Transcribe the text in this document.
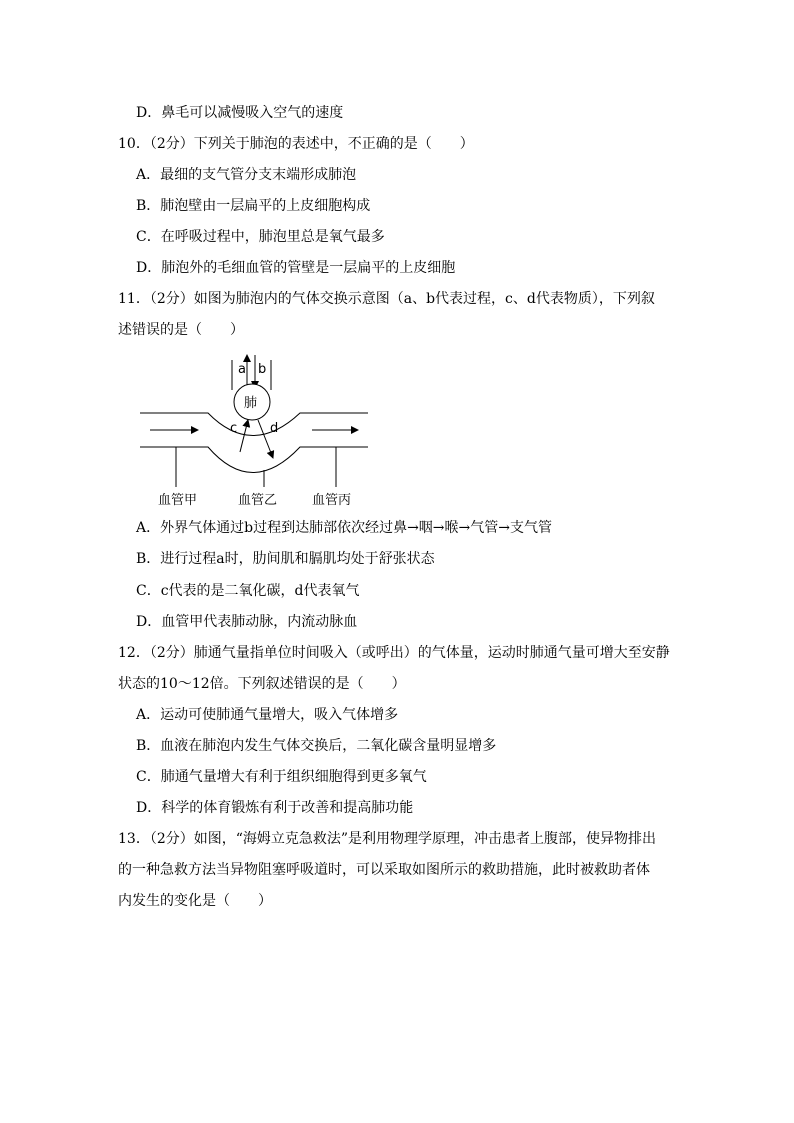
D．鼻毛可以减慢吸入空气的速度
10．（2分）下列关于肺泡的表述中，不正确的是（　　）
A．最细的支气管分支末端形成肺泡
B．肺泡壁由一层扁平的上皮细胞构成
C．在呼吸过程中，肺泡里总是氧气最多
D．肺泡外的毛细血管的管壁是一层扁平的上皮细胞
11．（2分）如图为肺泡内的气体交换示意图（a、b代表过程，c、d代表物质），下列叙
述错误的是（　　）
a b
肺
c	d
血管甲	血管乙	血管丙
A．外界气体通过b过程到达肺部依次经过鼻→咽→喉→气管→支气管
B．进行过程a时，肋间肌和膈肌均处于舒张状态
C．c代表的是二氧化碳，d代表氧气
D．血管甲代表肺动脉，内流动脉血
12．（2分）肺通气量指单位时间吸入（或呼出）的气体量，运动时肺通气量可增大至安静
状态的10～12倍。下列叙述错误的是（　　）
A．运动可使肺通气量增大，吸入气体增多
B．血液在肺泡内发生气体交换后，二氧化碳含量明显增多
C．肺通气量增大有利于组织细胞得到更多氧气
D．科学的体育锻炼有利于改善和提高肺功能
13．（2分）如图，“海姆立克急救法”是利用物理学原理，冲击患者上腹部，使异物排出
的一种急救方法当异物阻塞呼吸道时，可以采取如图所示的救助措施，此时被救助者体
内发生的变化是（　　）
